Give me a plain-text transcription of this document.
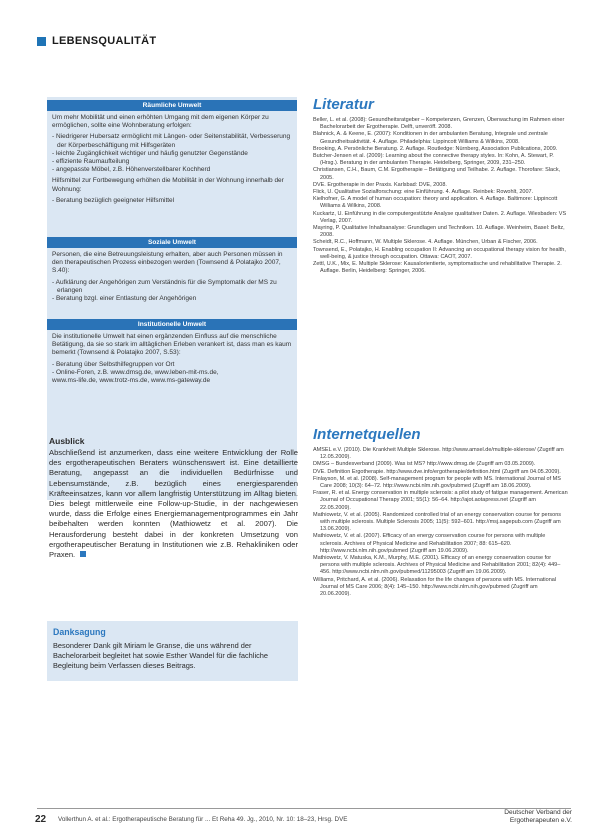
LEBENSQUALITÄT
Räumliche Umwelt

Um mehr Mobilität und einen erhöhten Umgang mit dem eigenen Körper zu ermöglichen, sollte eine Wohnberatung erfolgen:

- Niedrigerer Hubersatz ermöglicht mit Längen- oder Seitenstabilität, Verbesserung der Körperbeschäftigung mit Hilfsgeräten
- leichte Zugänglichkeit wichtiger und häufig genutzter Gegenstände
- effiziente Raumaufteilung
- angepasste Möbel, z.B. Höhenverstellbarer Kochherd

Hilfsmittel zur Fortbewegung erhöhen die Mobilität in der Wohnung innerhalb der Wohnung:

- Beratung bezüglich geeigneter Hilfsmittel
Soziale Umwelt

Personen, die eine Betreuungsleistung erhalten, aber auch Personen müssen in den therapeutischen Prozess einbezogen werden (Townsend & Polatajko 2007, S.40):

- Aufklärung der Angehörigen zum Verständnis für die Symptomatik der MS zu erlangen
- Beratung bzgl. einer Entlastung der Angehörigen
Institutionelle Umwelt

Die institutionelle Umwelt hat einen ergänzenden Einfluss auf die menschliche Betätigung, da sie so stark im alltäglichen Erleben verankert ist, dass man es kaum bemerkt (Townsend & Polatajko 2007, S.53):

- Beratung über Selbsthilfegruppen vor Ort
- Online-Foren, z.B. www.dmsg.de, www.leben-mit-ms.de,
www.ms-life.de, www.trotz-ms.de, www.ms-gateway.de
Ausblick
Abschließend ist anzumerken, dass eine weitere Entwicklung der Rolle des ergotherapeutischen Beraters wünschenswert ist. Eine detaillierte Beratung, angepasst an die individuellen Bedürfnisse und Lebensumstände, z.B. bezüglich eines energiesparenden Kräfteeinsatzes, kann vor allem langfristig Unterstützung im Alltag bieten. Dies belegt mittlerweile eine Follow-up-Studie, in der nachgewiesen wurde, dass die Erfolge eines Energiemanagementprogrammes ein Jahr beibehalten werden konnten (Mathiowetz et al. 2007). Die Herausforderung besteht dabei in der konkreten Umsetzung von ergotherapeutischer Beratung in Institutionen wie z.B. Rehakliniken oder Praxen.
Danksagung
Besonderer Dank gilt Miriam le Granse, die uns während der Bachelorarbeit begleitet hat sowie Esther Wandel für die fachliche Begleitung beim Verfassen dieses Beitrags.
Literatur
Beller, L. et al. (2008): Gesundheitsratgeber – Kompetenzen, Grenzen, Überwachung im Rahmen einer Bachelorarbeit der Ergotherapie. Delft, unveröff. 2008.
Blahnick, A. & Keene, E. (2007): Konditionen in der ambulanten Beratung, Integrale und zentrale Gesundheitsaktivität. 4. Auflage. Philadelphia: Lippincott Williams & Wilkins, 2008.
Brooking, A. Persönliche Beratung. 2. Auflage. Routledge: Nürnberg, Association Publications, 2009.
Butcher-Jensen et al. (2009): Learning about the connective therapy styles. In: Kohn, A. Stewart, P. (Hrsg.). Beratung in der ambulanten Therapie. Heidelberg, Springer, 2009, 231–250.
Christiansen, C.H., Baum, C.M. Ergotherapie – Betätigung und Teilhabe. 2. Auflage. Thorofare: Slack, 2005.
DVE. Ergotherapie in der Praxis. Karlsbad: DVE, 2008.
Flick, U. Qualitative Sozialforschung: eine Einführung. 4. Auflage. Reinbek: Rowohlt, 2007.
Kielhofner, G. A model of human occupation: theory and application. 4. Auflage. Baltimore: Lippincott Williams & Wilkins, 2008.
Kuckartz, U. Einführung in die computergestützte Analyse qualitativer Daten. 2. Auflage. Wiesbaden: VS Verlag, 2007.
Mayring, P. Qualitative Inhaltsanalyse: Grundlagen und Techniken. 10. Auflage. Weinheim, Basel: Beltz, 2008.
Scheidt, R.C., Hoffmann, W. Multiple Sklerose. 4. Auflage. München, Urban & Fischer, 2006.
Townsend, E., Polatajko, H. Enabling occupation II: Advancing an occupational therapy vision for health, well-being, & justice through occupation. Ottawa: CAOT, 2007.
Zettl, U.K., Mix, E. Multiple Sklerose: Kausalorientierte, symptomatische und rehabilitative Therapie. 2. Auflage. Berlin, Heidelberg: Springer, 2006.
Internetquellen
AMSEL e.V. (2010). Die Krankheit Multiple Sklerose. http://www.amsel.de/multiple-sklerose/ (Zugriff am 12.05.2009).
DMSG – Bundesverband (2009). Was ist MS? http://www.dmsg.de (Zugriff am 03.05.2009).
DVE. Definition Ergotherapie. http://www.dve.info/ergotherapie/definition.html (Zugriff am 04.05.2009).
Finlayson, M. et al. (2008). Self-management program for people with MS. International Journal of MS Care 2008; 10(3): 64–72. http://www.ncbi.nlm.nih.gov/pubmed (Zugriff am 18.06.2009).
Fraser, R. et al. Energy conservation in multiple sclerosis: a pilot study of fatigue management. American Journal of Occupational Therapy 2001; 55(1): 56–64. http://ajot.aotapress.net (Zugriff am 22.05.2009).
Mathiowetz, V. et al. (2005). Randomized controlled trial of an energy conservation course for persons with multiple sclerosis. Multiple Sclerosis 2005; 11(5): 592–601. http://msj.sagepub.com (Zugriff am 13.06.2009).
Mathiowetz, V. et al. (2007). Efficacy of an energy conservation course for persons with multiple sclerosis. Archives of Physical Medicine and Rehabilitation 2007; 88: 615–620. http://www.ncbi.nlm.nih.gov/pubmed (Zugriff am 19.06.2009).
Mathiowetz, V. Matuska, K.M., Murphy, M.E. (2001). Efficacy of an energy conservation course for persons with multiple sclerosis. Archives of Physical Medicine and Rehabilitation 2001; 82(4): 449–456. http://www.ncbi.nlm.nih.gov/pubmed/11295003 (Zugriff am 19.06.2009).
Williams, Pritchard, A. et al. (2006). Relaxation for the life changes of persons with MS. International Journal of MS Care 2006; 8(4): 145–150. http://www.ncbi.nlm.nih.gov/pubmed (Zugriff am 20.06.2009).
22 Vollerthun A. et al.: Ergotherapeutische Beratung für ... Et Reha 49. Jg., 2010, Nr. 10: 18–23, Hrsg. DVE
Deutscher Verband der
Ergotherapeuten e.V.
